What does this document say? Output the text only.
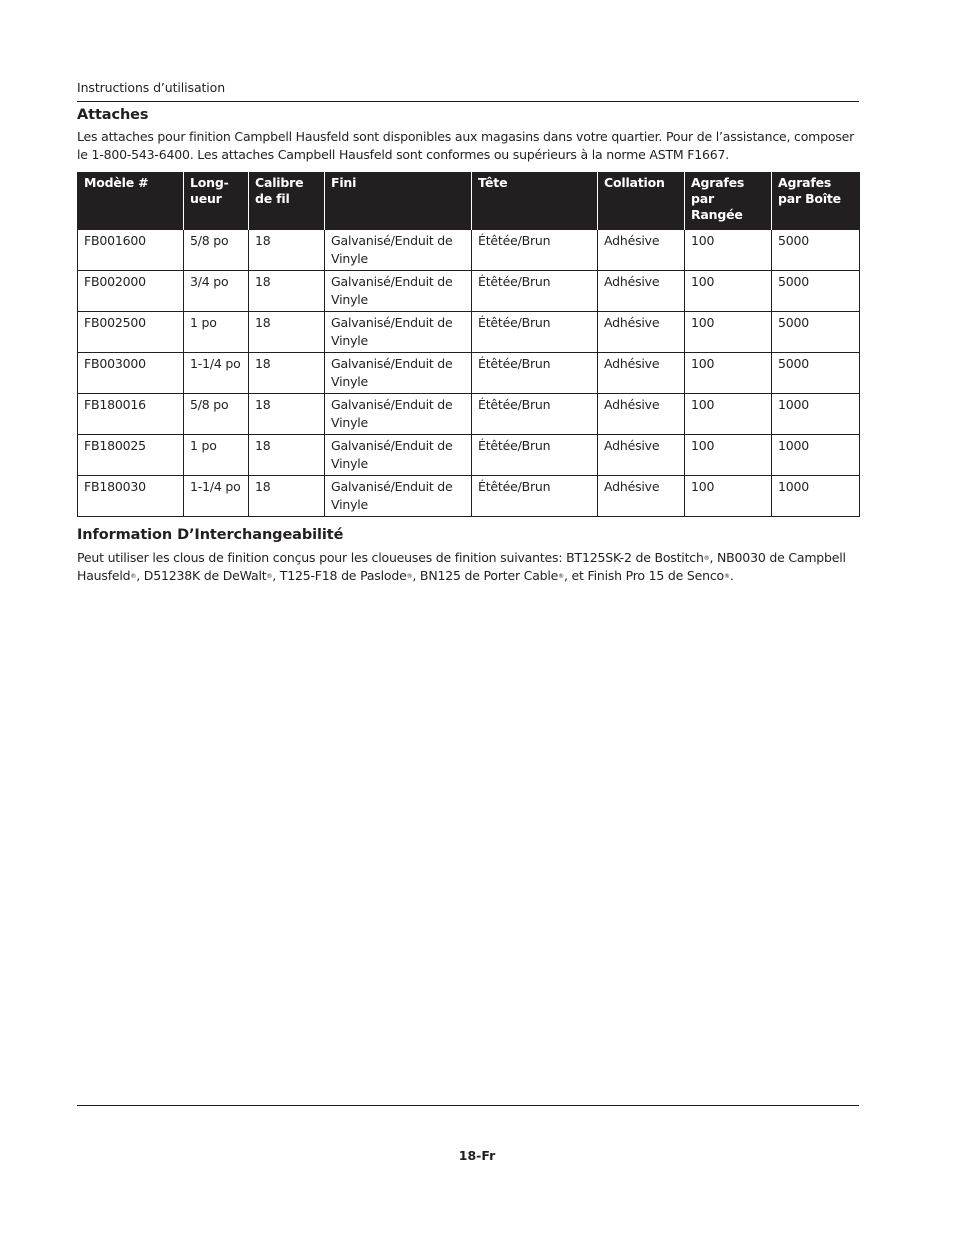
Instructions d’utilisation
Attaches
Les attaches pour finition Campbell Hausfeld sont disponibles aux magasins dans votre quartier. Pour de l’assistance, composer le 1-800-543-6400. Les attaches Campbell Hausfeld sont conformes ou supérieurs à la norme ASTM F1667.
Modèle #	Long- ueur	Calibre de fil	Fini	Tête	Collation	Agrafes par Rangée	Agrafes par Boîte
FB001600	5/8 po	18	Galvanisé/Enduit de Vinyle	Étêtée/Brun	Adhésive	100	5000
FB002000	3/4 po	18	Galvanisé/Enduit de Vinyle	Étêtée/Brun	Adhésive	100	5000
FB002500	1 po	18	Galvanisé/Enduit de Vinyle	Étêtée/Brun	Adhésive	100	5000
FB003000	1-1/4 po	18	Galvanisé/Enduit de Vinyle	Étêtée/Brun	Adhésive	100	5000
FB180016	5/8 po	18	Galvanisé/Enduit de Vinyle	Étêtée/Brun	Adhésive	100	1000
FB180025	1 po	18	Galvanisé/Enduit de Vinyle	Étêtée/Brun	Adhésive	100	1000
FB180030	1-1/4 po	18	Galvanisé/Enduit de Vinyle	Étêtée/Brun	Adhésive	100	1000
Information D’Interchangeabilité
Peut utiliser les clous de finition conçus pour les cloueuses de finition suivantes: BT125SK-2 de Bostitch®, NB0030 de Campbell Hausfeld®, D51238K de DeWalt®, T125-F18 de Paslode®, BN125 de Porter Cable®, et Finish Pro 15 de Senco®.
18-Fr
